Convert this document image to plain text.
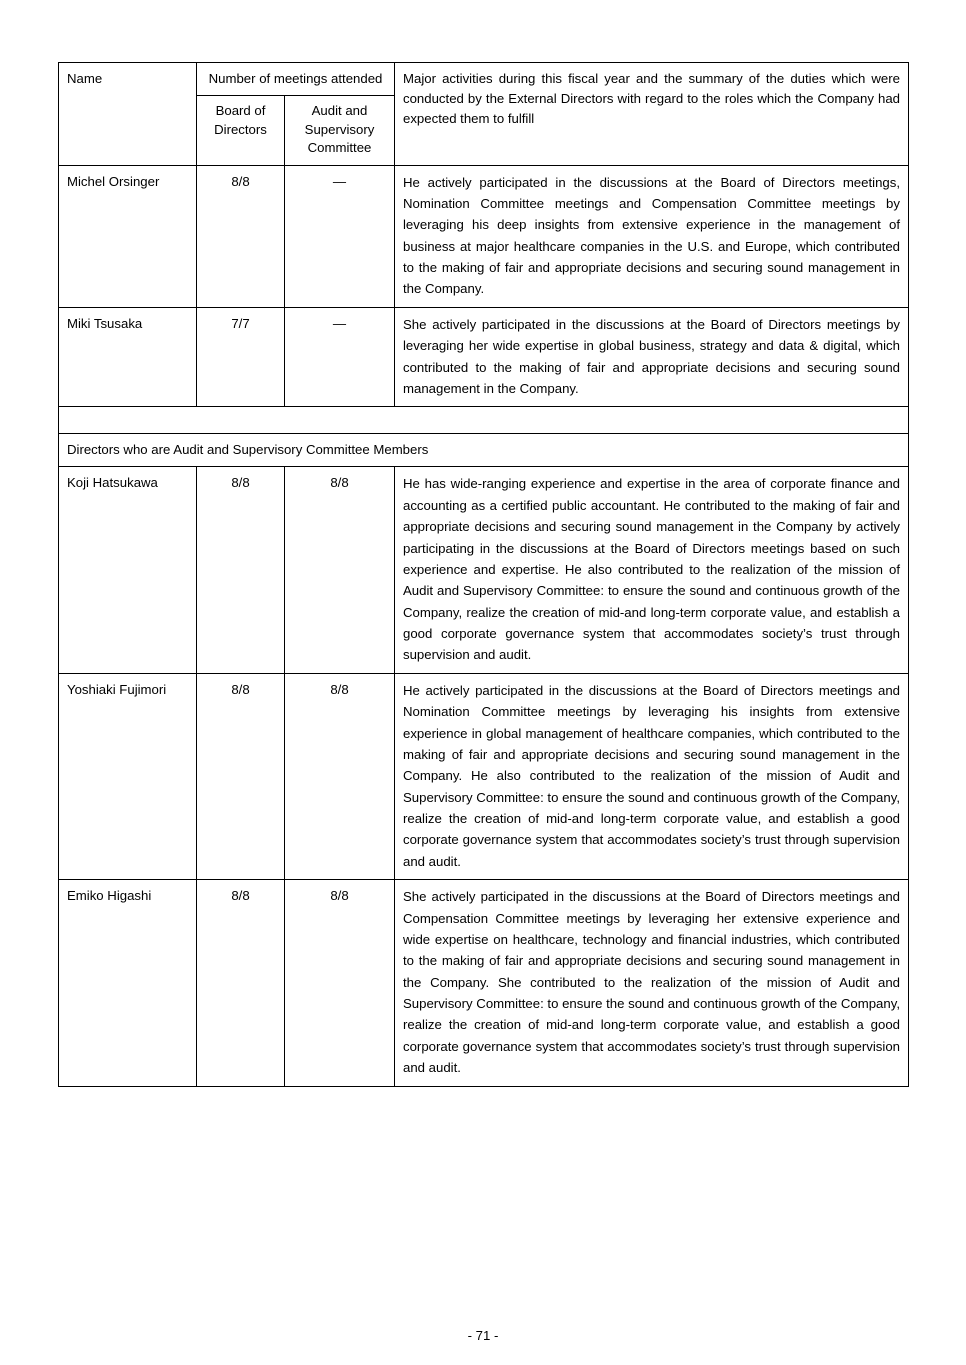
Name	Number of meetings attended		Major activities during this fiscal year and the summary of the duties which were conducted by the External Directors with regard to the roles which the Company had expected them to fulfill
	Board of Directors	Audit and Supervisory Committee	
Michel Orsinger	8/8	—	He actively participated in the discussions at the Board of Directors meetings, Nomination Committee meetings and Compensation Committee meetings by leveraging his deep insights from extensive experience in the management of business at major healthcare companies in the U.S. and Europe, which contributed to the making of fair and appropriate decisions and securing sound management in the Company.
Miki Tsusaka	7/7	—	She actively participated in the discussions at the Board of Directors meetings by leveraging her wide expertise in global business, strategy and data & digital, which contributed to the making of fair and appropriate decisions and securing sound management in the Company.

Directors who are Audit and Supervisory Committee Members			
Koji Hatsukawa	8/8	8/8	He has wide-ranging experience and expertise in the area of corporate finance and accounting as a certified public accountant. He contributed to the making of fair and appropriate decisions and securing sound management in the Company by actively participating in the discussions at the Board of Directors meetings based on such experience and expertise. He also contributed to the realization of the mission of Audit and Supervisory Committee: to ensure the sound and continuous growth of the Company, realize the creation of mid-and long-term corporate value, and establish a good corporate governance system that accommodates society’s trust through supervision and audit.
Yoshiaki Fujimori	8/8	8/8	He actively participated in the discussions at the Board of Directors meetings and Nomination Committee meetings by leveraging his insights from extensive experience in global management of healthcare companies, which contributed to the making of fair and appropriate decisions and securing sound management in the Company. He also contributed to the realization of the mission of Audit and Supervisory Committee: to ensure the sound and continuous growth of the Company, realize the creation of mid-and long-term corporate value, and establish a good corporate governance system that accommodates society’s trust through supervision and audit.
Emiko Higashi	8/8	8/8	She actively participated in the discussions at the Board of Directors meetings and Compensation Committee meetings by leveraging her extensive experience and wide expertise on healthcare, technology and financial industries, which contributed to the making of fair and appropriate decisions and securing sound management in the Company. She contributed to the realization of the mission of Audit and Supervisory Committee: to ensure the sound and continuous growth of the Company, realize the creation of mid-and long-term corporate value, and establish a good corporate governance system that accommodates society’s trust through supervision and audit.
- 71 -
